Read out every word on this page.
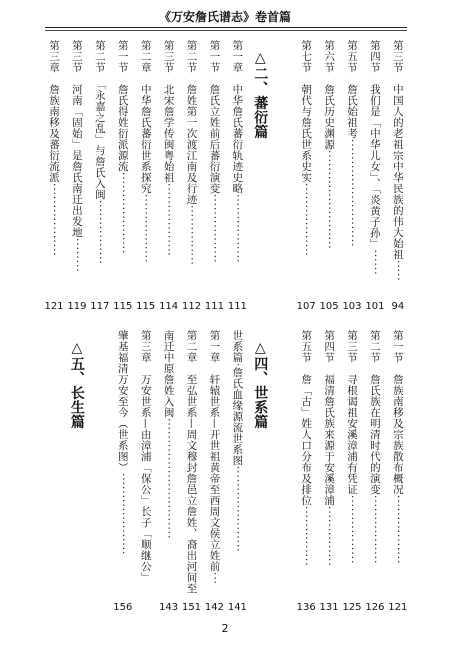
《万安詹氏谱志》卷首篇
第三节　中国人的老祖宗中华民族的伟大始祖·····
94
第四节　我们是「中华儿女」、「炎黄子孙」······
101
第五节　詹氏始祖考·························
103
第六节　詹氏历史渊源·······················
105
第七节　朝代与詹氏世系史实·················
107
△二、蕃衍篇
第一章　中华詹氏蕃衍轨迹史略················
111
第一节　詹氏立姓前后蕃衍演变················
111
第二节　詹姓第一次渡江南及行迹··············
112
第三节　北宋詹学传闽粤始祖·················
114
第二章　中华詹氏蕃衍世系探究················
115
第一节　詹氏得姓衍派源流···················
115
第二节　「永嘉之乱」与詹氏入闽···············
117
第三节　河南「固始」是詹氏南迁出发地········
119
第三章　詹族南移及蕃衍流派·················
121
第一节　詹族南移及宗族散布概况················
121
第二节　詹氏族在明清时代的演变················
126
第三节　寻根谒祖安溪漳浦有凭证················
125
第四节　福清詹氏族来源于安溪漳浦··············
131
第五节　詹「古」姓人口分布及排位··············
136
△四、世系篇
世系篇·詹氏血缘源流世系图····················
141
第一章　轩辕世系—开世祖黄帝至西周文侯立姓前···
142
第二章　至弘世系—周文穆封詹邑立詹姓、裔出河间至
151
南迁中原詹姓入闽····························
143
第三章　万安世系—由漳浦「保公」长子「顺继公」
肇基福清万安至今（世系图）···················
156
△五、长生篇
2
